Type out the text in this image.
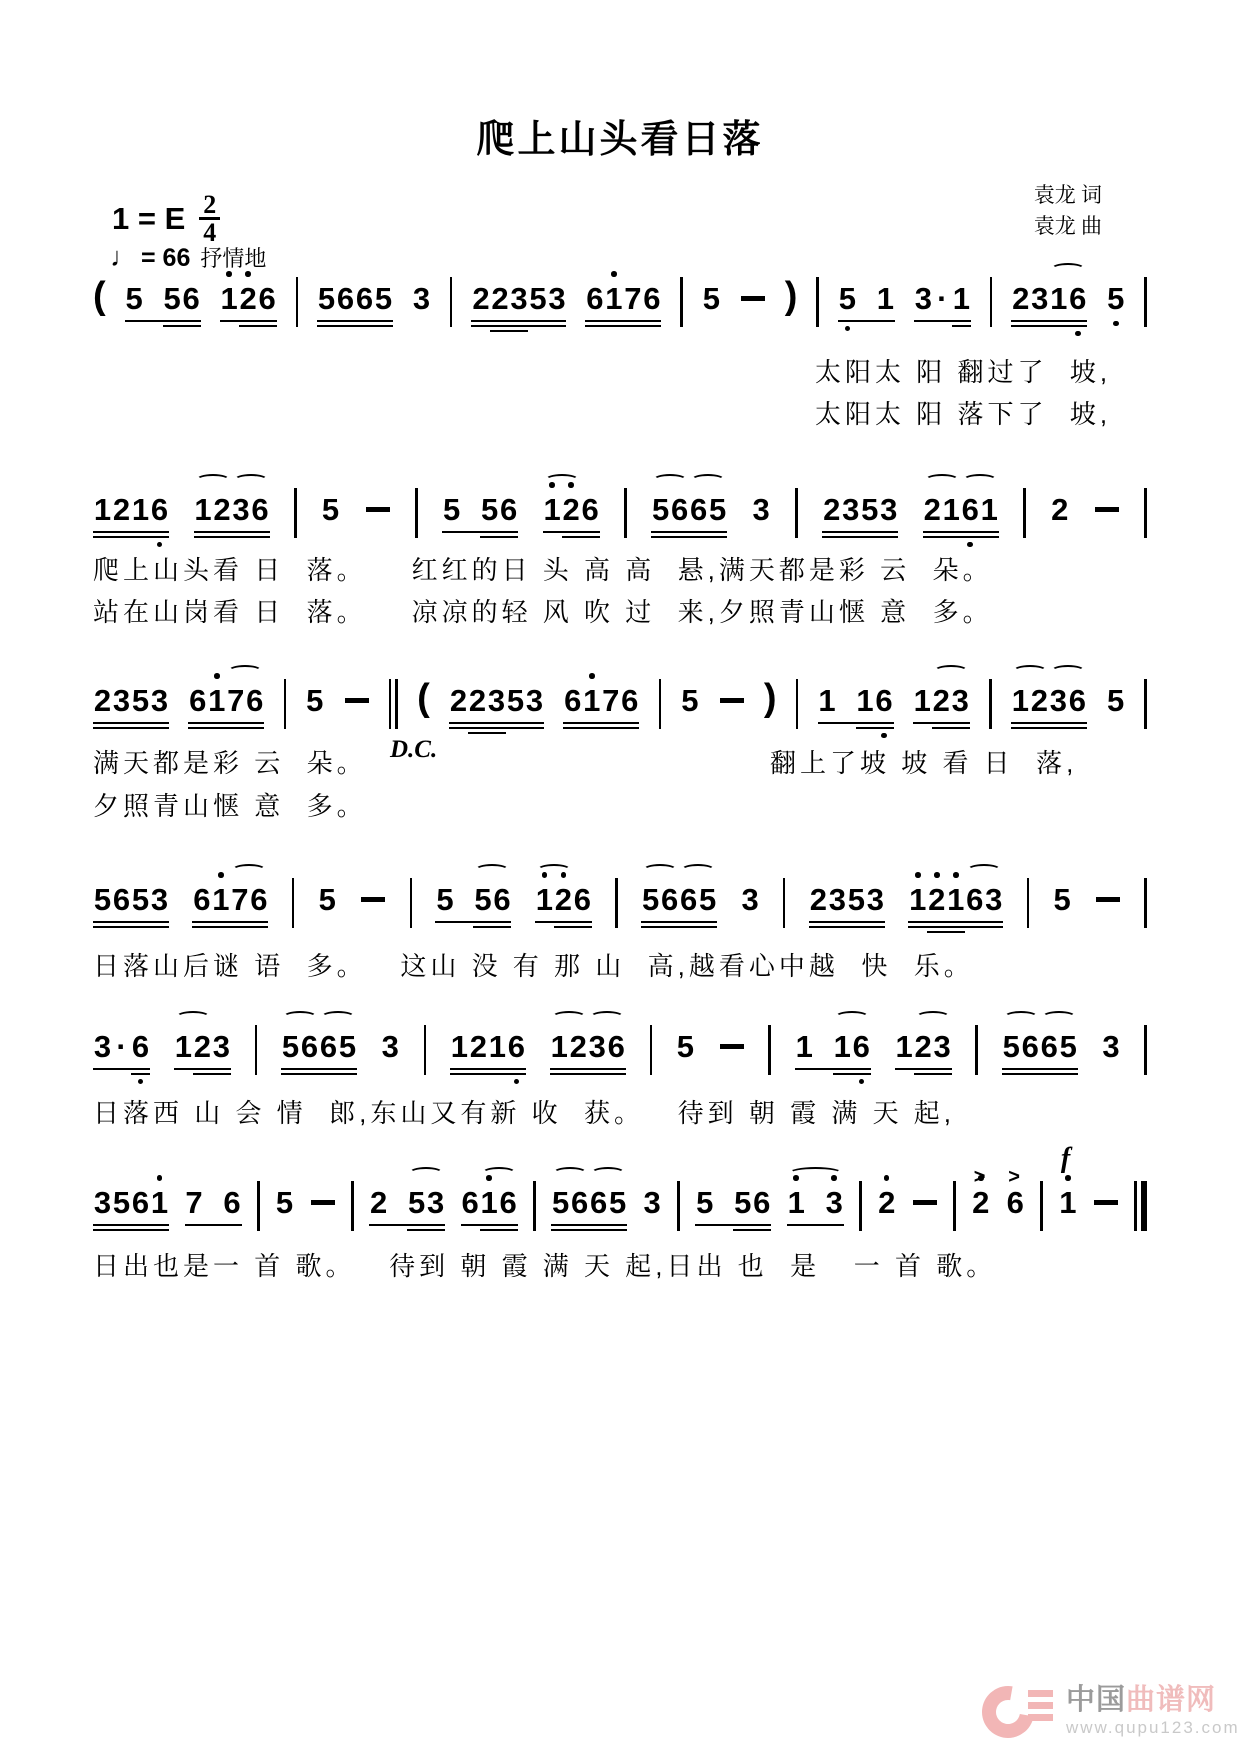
爬上山头看日落
袁龙 词
袁龙 曲
1 = E $\frac{2}{4}$
♩ = 66 抒情地
( 5 56 126 5665 3 22353 6176 5 ) 5 1 3 · 1 2316 5
1216 1236 5	5 56 126 5665 3 2353 2161 2
2353 6176 5 ( 22353 6176 5 ) 1 16 123 1236 5
5653 6176 5	5 56 126 5665 3 2353 12163 5
3 · 6 123 5665 3 1216 1236 5	1 16 123 5665 3
3561 7 6 5 2 53 616 5665 3 5 56 1 3 2 2
>
6
>
1
f
中国曲谱网
www.qupu123.com
太阳太 阳 翻过了  坡,
太阳太 阳 落下了  坡,
爬上山头看 日  落。    红红的日 头 高 高  悬,满天都是彩 云  朵。
站在山岗看 日  落。    凉凉的轻 风 吹 过  来,夕照青山惬 意  多。
满天都是彩 云  朵。 D.C.	翻上了坡 坡 看 日  落,
夕照青山惬 意  多。
日落山后谜 语  多。   这山 没 有 那 山  高,越看心中越  快  乐。
日落西 山 会 情  郎,东山又有新 收  获。   待到 朝 霞 满 天 起,
日出也是一 首 歌。   待到 朝 霞 满 天 起,日出 也  是   一 首 歌。
